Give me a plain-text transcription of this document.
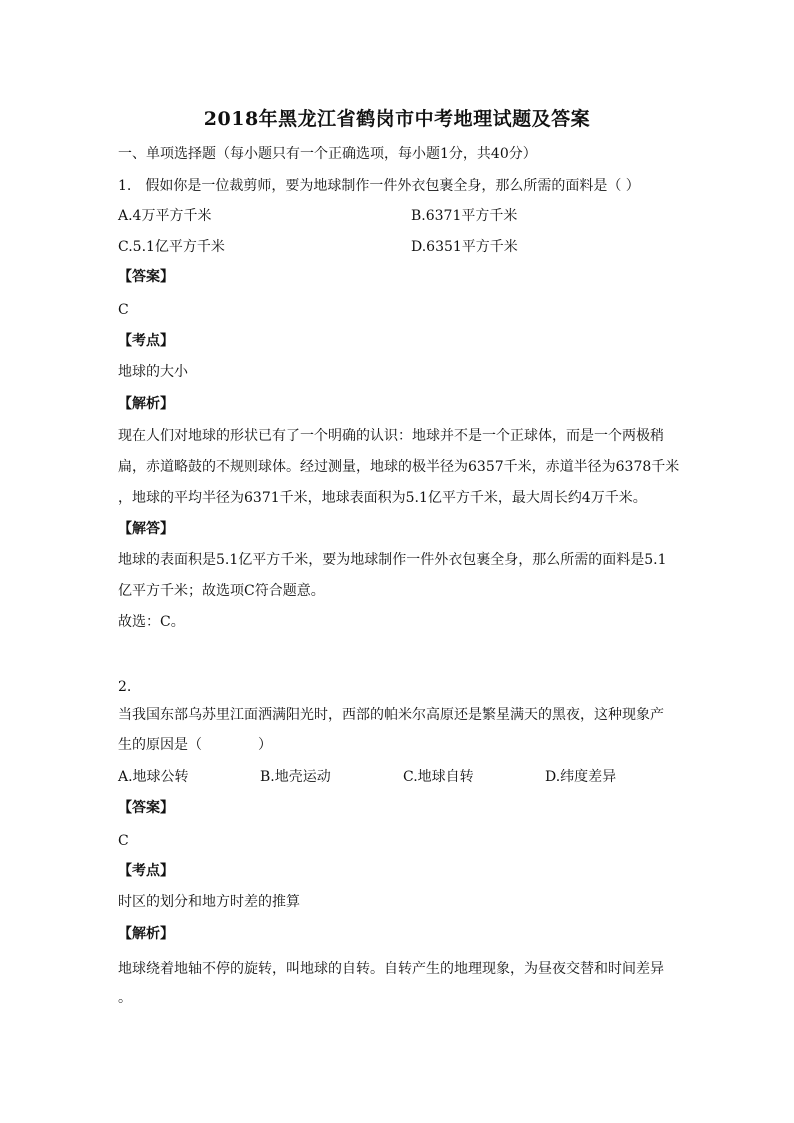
2018年黑龙江省鹤岗市中考地理试题及答案
一、单项选择题（每小题只有一个正确选项，每小题1分，共40分）
1.　假如你是一位裁剪师，要为地球制作一件外衣包裹全身，那么所需的面料是（ ）
A.4万平方千米	B.6371平方千米
C.5.1亿平方千米	D.6351平方千米
【答案】
C
【考点】
地球的大小
【解析】
现在人们对地球的形状已有了一个明确的认识：地球并不是一个正球体，而是一个两极稍
扁，赤道略鼓的不规则球体。经过测量，地球的极半径为6357千米，赤道半径为6378千米
，地球的平均半径为6371千米，地球表面积为5.1亿平方千米，最大周长约4万千米。
【解答】
地球的表面积是5.1亿平方千米，要为地球制作一件外衣包裹全身，那么所需的面料是5.1
亿平方千米；故选项C符合题意。
故选：C。
2.
当我国东部乌苏里江面洒满阳光时，西部的帕米尔高原还是繁星满天的黑夜，这种现象产
生的原因是（　　　　）
A.地球公转	B.地壳运动	C.地球自转	D.纬度差异
【答案】
C
【考点】
时区的划分和地方时差的推算
【解析】
地球绕着地轴不停的旋转，叫地球的自转。自转产生的地理现象，为昼夜交替和时间差异
。
